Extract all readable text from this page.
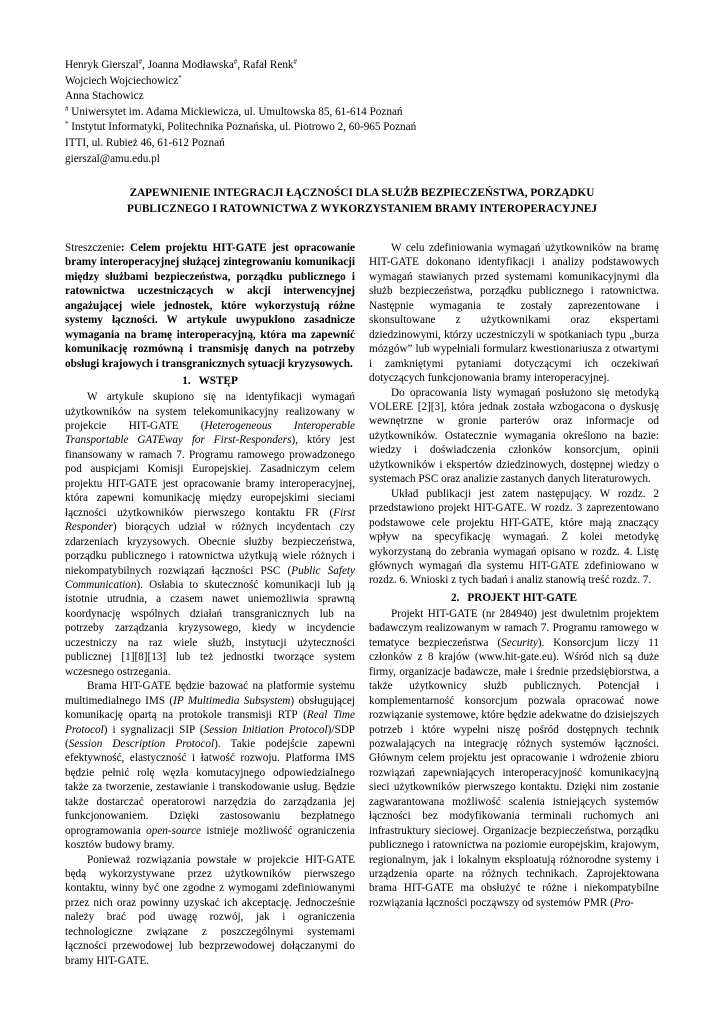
Henryk Gierszal#, Joanna Modławska#, Rafał Renk#
Wojciech Wojciechowicz*
Anna Stachowicz
# Uniwersytet im. Adama Mickiewicza, ul. Umultowska 85, 61-614 Poznań
* Instytut Informatyki, Politechnika Poznańska, ul. Piotrowo 2, 60-965 Poznań
ITTI, ul. Rubież 46, 61-612 Poznań
gierszal@amu.edu.pl
ZAPEWNIENIE INTEGRACJI ŁĄCZNOŚCI DLA SŁUŻB BEZPIECZEŃSTWA, PORZĄDKU
PUBLICZNEGO I RATOWNICTWA Z WYKORZYSTANIEM BRAMY INTEROPERACYJNEJ

Streszczenie: Celem projektu HIT-GATE jest opracowanie bramy interoperacyjnej służącej zintegrowaniu komunikacji między służbami bezpieczeństwa, porządku publicznego i ratownictwa uczestniczących w akcji interwencyjnej angażującej wiele jednostek, które wykorzystują różne systemy łączności. W artykule uwypuklono zasadnicze wymagania na bramę interoperacyjną, która ma zapewnić komunikację rozmówną i transmisję danych na potrzeby obsługi krajowych i transgranicznych sytuacji kryzysowych.

1. WSTĘP

W artykule skupiono się na identyfikacji wymagań użytkowników na system telekomunikacyjny realizowany w projekcie HIT-GATE (Heterogeneous Interoperable Transportable GATEway for First-Responders), który jest finansowany w ramach 7. Programu ramowego prowadzonego pod auspicjami Komisji Europejskiej. Zasadniczym celem projektu HIT-GATE jest opracowanie bramy interoperacyjnej, która zapewni komunikację między europejskimi sieciami łączności użytkowników pierwszego kontaktu FR (First Responder) biorących udział w różnych incydentach czy zdarzeniach kryzysowych. Obecnie służby bezpieczeństwa, porządku publicznego i ratownictwa użytkują wiele różnych i niekompatybilnych rozwiązań łączności PSC (Public Safety Communication). Osłabia to skuteczność komunikacji lub ją istotnie utrudnia, a czasem nawet uniemożliwia sprawną koordynację wspólnych działań transgranicznych lub na potrzeby zarządzania kryzysowego, kiedy w incydencie uczestniczy na raz wiele służb, instytucji użyteczności publicznej [1][8][13] lub też jednostki tworzące system wczesnego ostrzegania.

Brama HIT-GATE będzie bazować na platformie systemu multimedialnego IMS (IP Multimedia Subsystem) obsługującej komunikację opartą na protokole transmisji RTP (Real Time Protocol) i sygnalizacji SIP (Session Initiation Protocol)/SDP (Session Description Protocol). Takie podejście zapewni efektywność, elastyczność i łatwość rozwoju. Platforma IMS będzie pełnić rolę węzła komutacyjnego odpowiedzialnego także za tworzenie, zestawianie i transkodowanie usług. Będzie także dostarczać operatorowi narzędzia do zarządzania jej funkcjonowaniem. Dzięki zastosowaniu bezpłatnego oprogramowania open-source istnieje możliwość ograniczenia kosztów budowy bramy.

Ponieważ rozwiązania powstałe w projekcie HIT-GATE będą wykorzystywane przez użytkowników pierwszego kontaktu, winny być one zgodne z wymogami zdefiniowanymi przez nich oraz powinny uzyskać ich akceptację. Jednocześnie należy brać pod uwagę rozwój, jak i ograniczenia technologiczne związane z poszczególnymi systemami łączności przewodowej lub bezprzewodowej dołączanymi do bramy HIT-GATE.

W celu zdefiniowania wymagań użytkowników na bramę HIT-GATE dokonano identyfikacji i analizy podstawowych wymagań stawianych przed systemami komunikacyjnymi dla służb bezpieczeństwa, porządku publicznego i ratownictwa. Następnie wymagania te zostały zaprezentowane i skonsultowane z użytkownikami oraz ekspertami dziedzinowymi, którzy uczestniczyli w spotkaniach typu „burza mózgów” lub wypełniali formularz kwestionariusza z otwartymi i zamkniętymi pytaniami dotyczącymi ich oczekiwań dotyczących funkcjonowania bramy interoperacyjnej.

Do opracowania listy wymagań posłużono się metodyką VOLERE [2][3], która jednak została wzbogacona o dyskusję wewnętrzne w gronie parterów oraz informacje od użytkowników. Ostatecznie wymagania określono na bazie: wiedzy i doświadczenia członków konsorcjum, opinii użytkowników i ekspertów dziedzinowych, dostępnej wiedzy o systemach PSC oraz analizie zastanych danych literaturowych.

Układ publikacji jest zatem następujący. W rozdz. 2 przedstawiono projekt HIT-GATE. W rozdz. 3 zaprezentowano podstawowe cele projektu HIT-GATE, które mają znaczący wpływ na specyfikację wymagań. Z kolei metodykę wykorzystaną do zebrania wymagań opisano w rozdz. 4. Listę głównych wymagań dla systemu HIT-GATE zdefiniowano w rozdz. 6. Wnioski z tych badań i analiz stanowią treść rozdz. 7.

2. PROJEKT HIT-GATE

Projekt HIT-GATE (nr 284940) jest dwuletnim projektem badawczym realizowanym w ramach 7. Programu ramowego w tematyce bezpieczeństwa (Security). Konsorcjum liczy 11 członków z 8 krajów (www.hit-gate.eu). Wśród nich są duże firmy, organizacje badawcze, małe i średnie przedsiębiorstwa, a także użytkownicy służb publicznych. Potencjał i komplementarność konsorcjum pozwala opracować nowe rozwiązanie systemowe, które będzie adekwatne do dzisiejszych potrzeb i które wypełni niszę pośród dostępnych technik pozwalających na integrację różnych systemów łączności. Głównym celem projektu jest opracowanie i wdrożenie zbioru rozwiązań zapewniających interoperacyjność komunikacyjną sieci użytkowników pierwszego kontaktu. Dzięki nim zostanie zagwarantowana możliwość scalenia istniejących systemów łączności bez modyfikowania terminali ruchomych ani infrastruktury sieciowej. Organizacje bezpieczeństwa, porządku publicznego i ratownictwa na poziomie europejskim, krajowym, regionalnym, jak i lokalnym eksploatują różnorodne systemy i urządzenia oparte na różnych technikach. Zaprojektowana brama HIT-GATE ma obsłużyć te różne i niekompatybilne rozwiązania łączności począwszy od systemów PMR (Pro-
